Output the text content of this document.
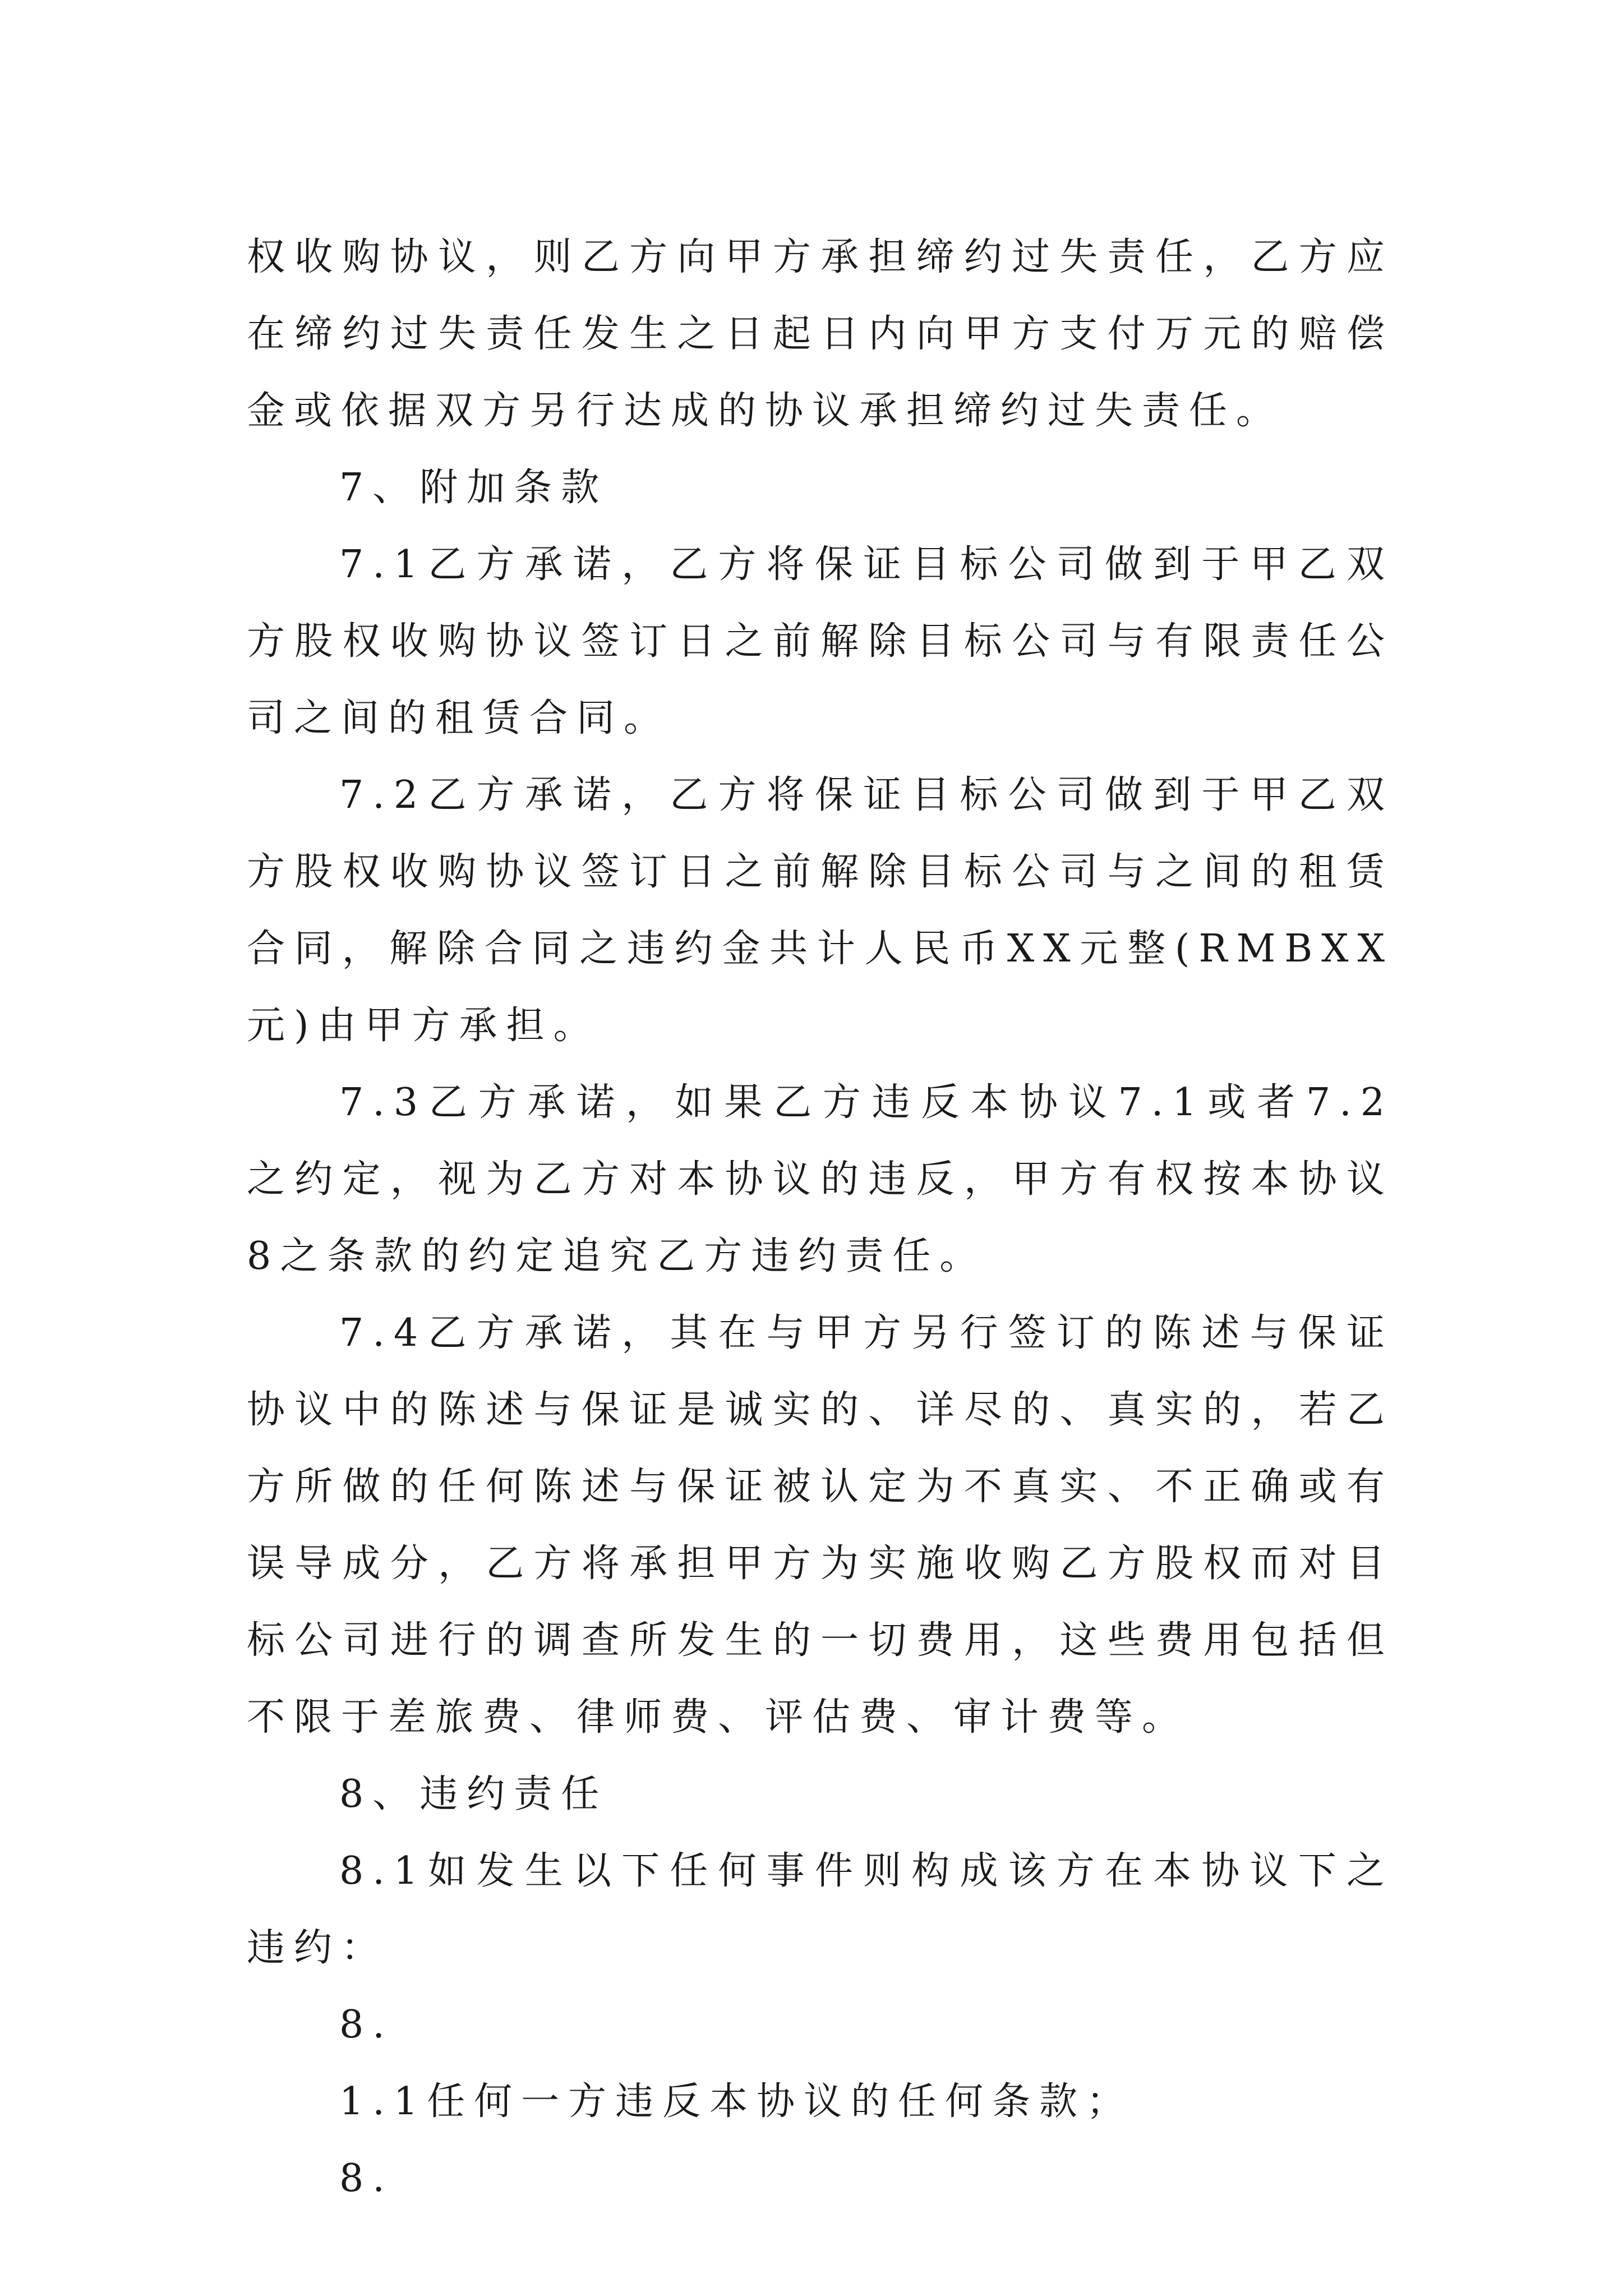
权收购协议，则乙方向甲方承担缔约过失责任，乙方应在缔约过失责任发生之日起日内向甲方支付万元的赔偿金或依据双方另行达成的协议承担缔约过失责任。

7、附加条款

7.1乙方承诺，乙方将保证目标公司做到于甲乙双方股权收购协议签订日之前解除目标公司与有限责任公司之间的租赁合同。

7.2乙方承诺，乙方将保证目标公司做到于甲乙双方股权收购协议签订日之前解除目标公司与之间的租赁合同，解除合同之违约金共计人民币XX元整(RMBXX元)由甲方承担。

7.3乙方承诺，如果乙方违反本协议7.1或者7.2之约定，视为乙方对本协议的违反，甲方有权按本协议8之条款的约定追究乙方违约责任。

7.4乙方承诺，其在与甲方另行签订的陈述与保证协议中的陈述与保证是诚实的、详尽的、真实的，若乙方所做的任何陈述与保证被认定为不真实、不正确或有误导成分，乙方将承担甲方为实施收购乙方股权而对目标公司进行的调查所发生的一切费用，这些费用包括但不限于差旅费、律师费、评估费、审计费等。

8、违约责任

8.1如发生以下任何事件则构成该方在本协议下之违约：

8.

1.1任何一方违反本协议的任何条款；

8.
